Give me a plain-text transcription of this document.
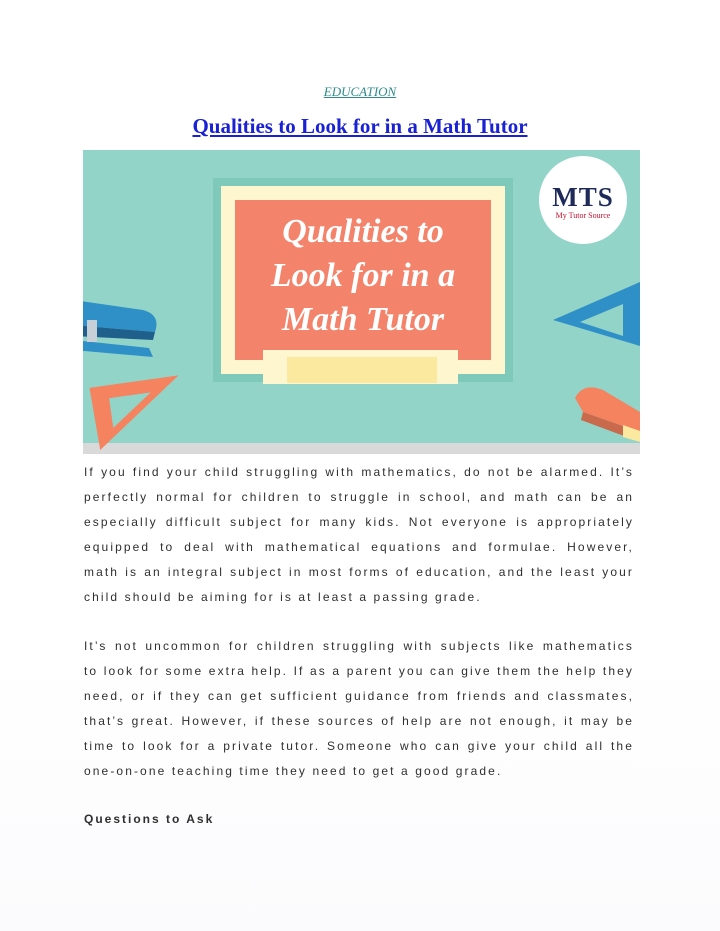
EDUCATION
Qualities to Look for in a Math Tutor
Qualities to
Look for in a
Math Tutor
MTS
My Tutor Source

If you find your child struggling with mathematics, do not be alarmed. It’s perfectly normal for children to struggle in school, and math can be an especially difficult subject for many kids. Not everyone is appropriately equipped to deal with mathematical equations and formulae. However, math is an integral subject in most forms of education, and the least your child should be aiming for is at least a passing grade.

It’s not uncommon for children struggling with subjects like mathematics to look for some extra help. If as a parent you can give them the help they need, or if they can get sufficient guidance from friends and classmates, that’s great. However, if these sources of help are not enough, it may be time to look for a private tutor. Someone who can give your child all the one-on-one teaching time they need to get a good grade.

Questions to Ask
